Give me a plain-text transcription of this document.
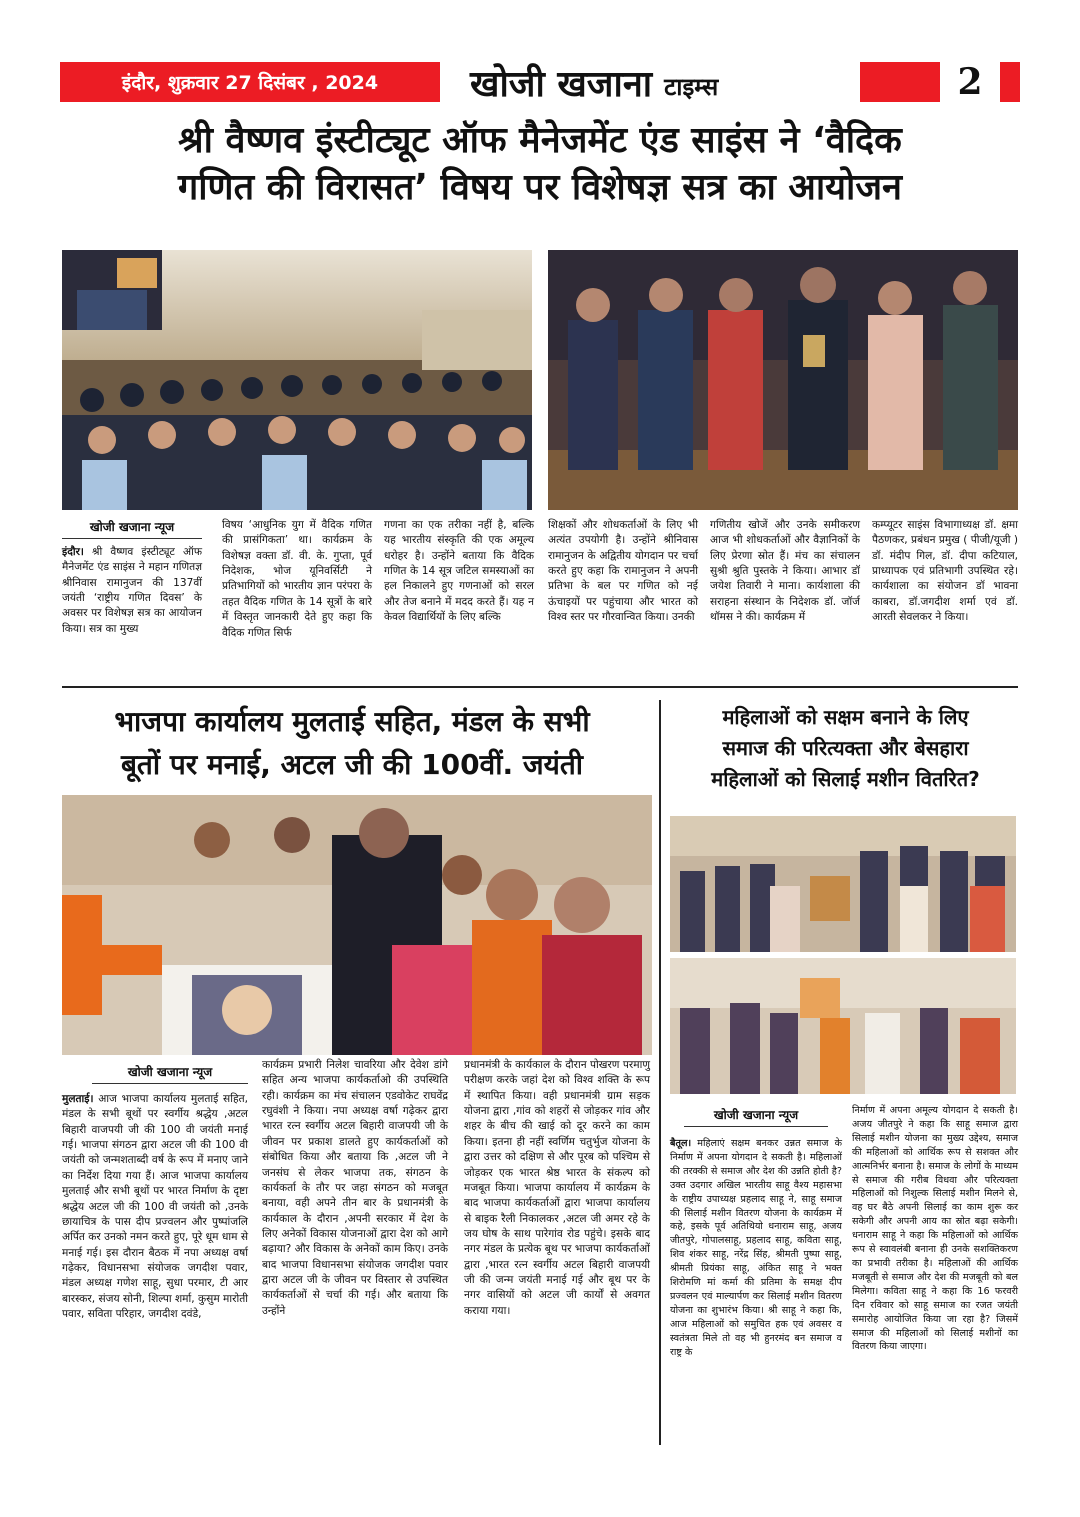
इंदौर, शुक्रवार 27 दिसंबर , 2024	खोजी खजाना टाइम्स	2
श्री वैष्णव इंस्टीट्यूट ऑफ मैनेजमेंट एंड साइंस ने ‘वैदिक
गणित की विरासत’ विषय पर विशेषज्ञ सत्र का आयोजन
खोजी खजाना न्यूज
इंदौर। श्री वैष्णव इंस्टीट्यूट ऑफ मैनेजमेंट एंड साइंस ने महान गणितज्ञ श्रीनिवास रामानुजन की 137वीं जयंती ‘राष्ट्रीय गणित दिवस’ के अवसर पर विशेषज्ञ सत्र का आयोजन किया। सत्र का मुख्य
विषय ‘आधुनिक युग में वैदिक गणित की प्रासंगिकता’ था। कार्यक्रम के विशेषज्ञ वक्ता डॉ. वी. के. गुप्ता, पूर्व निदेशक, भोज यूनिवर्सिटी ने प्रतिभागियों को भारतीय ज्ञान परंपरा के तहत वैदिक गणित के 14 सूत्रों के बारे में विस्तृत जानकारी देते हुए कहा कि वैदिक गणित सिर्फ
गणना का एक तरीका नहीं है, बल्कि यह भारतीय संस्कृति की एक अमूल्य धरोहर है। उन्होंने बताया कि वैदिक गणित के 14 सूत्र जटिल समस्याओं का हल निकालने हुए गणनाओं को सरल और तेज बनाने में मदद करते हैं। यह न केवल विद्यार्थियों के लिए बल्कि
शिक्षकों और शोधकर्ताओं के लिए भी अत्यंत उपयोगी है। उन्होंने श्रीनिवास रामानुजन के अद्वितीय योगदान पर चर्चा करते हुए कहा कि रामानुजन ने अपनी प्रतिभा के बल पर गणित को नई ऊंचाइयों पर पहुंचाया और भारत को विश्व स्तर पर गौरवान्वित किया। उनकी
गणितीय खोजें और उनके समीकरण आज भी शोधकर्ताओं और वैज्ञानिकों के लिए प्रेरणा स्रोत हैं। मंच का संचालन सुश्री श्रुति पुस्तके ने किया। आभार डॉ जयेश तिवारी ने माना। कार्यशाला की सराहना संस्थान के निदेशक डॉ. जॉर्ज थॉमस ने की। कार्यक्रम में
कम्प्यूटर साइंस विभागाध्यक्ष डॉ. क्षमा पैठणकर, प्रबंधन प्रमुख ( पीजी/यूजी ) डॉ. मंदीप गिल, डॉ. दीपा कटियाल, प्राध्यापक एवं प्रतिभागी उपस्थित रहे। कार्यशाला का संयोजन डॉ भावना काबरा, डॉ.जगदीश शर्मा एवं डॉ. आरती सेवलकर ने किया।
भाजपा कार्यालय मुलताई सहित, मंडल के सभी
बूतों पर मनाई, अटल जी की 100वीं. जयंती
खोजी खजाना न्यूज
मुलताई। आज भाजपा कार्यालय मुलताई सहित, मंडल के सभी बूथों पर स्वर्गीय श्रद्धेय ,अटल बिहारी वाजपयी जी की 100 वी जयंती मनाई गई। भाजपा संगठन द्वारा अटल जी की 100 वी जयंती को जन्मशताब्दी वर्ष के रूप में मनाए जाने का निर्देश दिया गया हैं। आज भाजपा कार्यालय मुलताई और सभी बूथों पर भारत निर्माण के दृष्टा श्रद्धेय अटल जी की 100 वी जयंती को ,उनके छायाचित्र के पास दीप प्रज्वलन और पुष्पांजलि अर्पित कर उनको नमन करते हुए, पूरे धूम धाम से मनाई गई। इस दौरान बैठक में नपा अध्यक्ष वर्षा गढ़ेकर, विधानसभा संयोजक जगदीश पवार, मंडल अध्यक्ष गणेश साहू, सुधा परमार, टी आर बारस्कर, संजय सोनी, शिल्पा शर्मा, कुसुम मारोती पवार, सविता परिहार, जगदीश दवंडे,
कार्यक्रम प्रभारी निलेश चावरिया और देवेश डांगे सहित अन्य भाजपा कार्यकर्ताओ की उपस्थिति रही। कार्यक्रम का मंच संचालन एडवोकेट राघवेंद्र रघुवंशी ने किया। नपा अध्यक्ष वर्षा गढ़ेकर द्वारा भारत रत्न स्वर्गीय अटल बिहारी वाजपयी जी के जीवन पर प्रकाश डालते हुए कार्यकर्ताओं को संबोधित किया और बताया कि ,अटल जी ने जनसंघ से लेकर भाजपा तक, संगठन के कार्यकर्ता के तौर पर जहा संगठन को मजबूत बनाया, वही अपने तीन बार के प्रधानमंत्री के कार्यकाल के दौरान ,अपनी सरकार में देश के लिए अनेकों विकास योजनाओं द्वारा देश को आगे बढ़ाया? और विकास के अनेकों काम किए। उनके बाद भाजपा विधानसभा संयोजक जगदीश पवार द्वारा अटल जी के जीवन पर विस्तार से उपस्थित कार्यकर्ताओं से चर्चा की गई। और बताया कि उन्होंने
प्रधानमंत्री के कार्यकाल के दौरान पोखरण परमाणु परीक्षण करके जहां देश को विश्व शक्ति के रूप में स्थापित किया। वही प्रधानमंत्री ग्राम सड़क योजना द्वारा ,गांव को शहरों से जोड़कर गांव और शहर के बीच की खाई को दूर करने का काम किया। इतना ही नहीं स्वर्णिम चतुर्भुज योजना के द्वारा उत्तर को दक्षिण से और पूरब को पश्चिम से जोड़कर एक भारत श्रेष्ठ भारत के संकल्प को मजबूत किया। भाजपा कार्यालय में कार्यक्रम के बाद भाजपा कार्यकर्ताओं द्वारा भाजपा कार्यालय से बाइक रैली निकालकर ,अटल जी अमर रहे के जय घोष के साथ पारेगांव रोड पहुंचे। इसके बाद नगर मंडल के प्रत्येक बूथ पर भाजपा कार्यकर्ताओं द्वारा ,भारत रत्न स्वर्गीय अटल बिहारी वाजपयी जी की जन्म जयंती मनाई गई और बूथ पर के नगर वासियों को अटल जी कार्यों से अवगत कराया गया।
महिलाओं को सक्षम बनाने के लिए
समाज की परित्यक्ता और बेसहारा
महिलाओं को सिलाई मशीन वितरित?
खोजी खजाना न्यूज
बैतूल। महिलाएं सक्षम बनकर उन्नत समाज के निर्माण में अपना योगदान दे सकती है। महिलाओं की तरक्की से समाज और देश की उन्नति होती है? उक्त उदगार अखिल भारतीय साहू वैश्य महासभा के राष्ट्रीय उपाध्यक्ष प्रहलाद साहू ने, साहू समाज की सिलाई मशीन वितरण योजना के कार्यक्रम में कहे, इसके पूर्व अतिथियो धनाराम साहू, अजय जीतपुरे, गोपालसाहू, प्रहलाद साहू, कविता साहू, शिव शंकर साहू, नरेंद्र सिंह, श्रीमती पुष्पा साहू, श्रीमती प्रियंका साहू, अंकित साहू ने भक्त शिरोमणि मां कर्मा की प्रतिमा के समक्ष दीप प्रज्वलन एवं माल्यार्पण कर सिलाई मशीन वितरण योजना का शुभारंभ किया। श्री साहू ने कहा कि, आज महिलाओं को समुचित हक एवं अवसर व स्वतंत्रता मिले तो वह भी हुनरमंद बन समाज व राष्ट्र के
निर्माण में अपना अमूल्य योगदान दे सकती है। अजय जीतपुरे ने कहा कि साहू समाज द्वारा सिलाई मशीन योजना का मुख्य उद्देश्य, समाज की महिलाओं को आर्थिक रूप से सशक्त और आत्मनिर्भर बनाना है। समाज के लोगों के माध्यम से समाज की गरीब विधवा और परित्यक्ता महिलाओं को निशुल्क सिलाई मशीन मिलने से, वह घर बैठे अपनी सिलाई का काम शुरू कर सकेगी और अपनी आय का स्रोत बढ़ा सकेगी। धनाराम साहू ने कहा कि महिलाओं को आर्थिक रूप से स्वावलंबी बनाना ही उनके सशक्तिकरण का प्रभावी तरीका है। महिलाओं की आर्थिक मजबूती से समाज और देश की मजबूती को बल मिलेगा। कविता साहू ने कहा कि 16 फरवरी दिन रविवार को साहू समाज का रजत जयंती समारोह आयोजित किया जा रहा है? जिसमें समाज की महिलाओं को सिलाई मशीनों का वितरण किया जाएगा।
